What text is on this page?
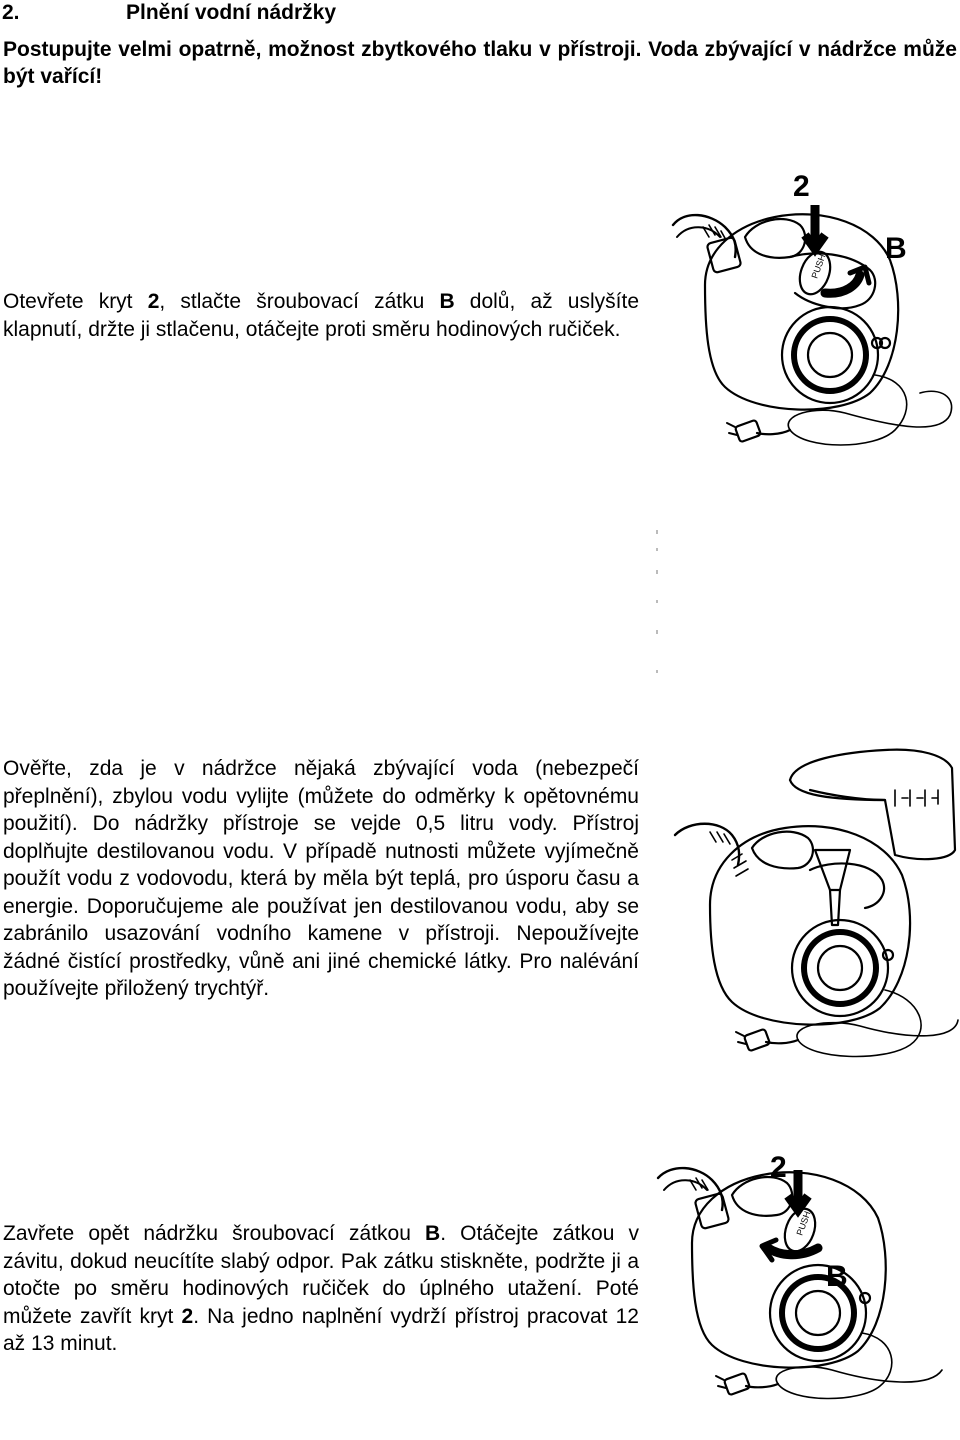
2.	Plnění vodní nádržky
Postupujte velmi opatrně, možnost zbytkového tlaku v přístroji. Voda zbývající v nádržce může být vařící!
Otevřete kryt 2, stlačte šroubovací zátku B dolů, až uslyšíte klapnutí, držte ji stlačenu, otáčejte proti směru hodinových ručiček.
Ověřte, zda je v nádržce nějaká zbývající voda (nebezpečí přeplnění), zbylou vodu vylijte (můžete do odměrky k opětovnému použití). Do nádržky přístroje se vejde 0,5 litru vody. Přístroj doplňujte destilovanou vodu. V případě nutnosti můžete vyjímečně použít vodu z vodovodu, která by měla být teplá, pro úsporu času a energie. Doporučujeme ale používat jen destilovanou vodu, aby se zabránilo usazování vodního kamene v přístroji. Nepoužívejte žádné čistící prostředky, vůně ani jiné chemické látky. Pro nalévání používejte přiložený trychtýř.
Zavřete opět nádržku šroubovací zátkou B. Otáčejte zátkou v závitu, dokud neucítíte slabý odpor. Pak zátku stiskněte, podržte ji a otočte po směru hodinových ručiček do úplného utažení. Poté můžete zavřít kryt 2. Na jedno naplnění vydrží přístroj pracovat 12 až 13 minut.
PUSH
2
B
PUSH
2
B
